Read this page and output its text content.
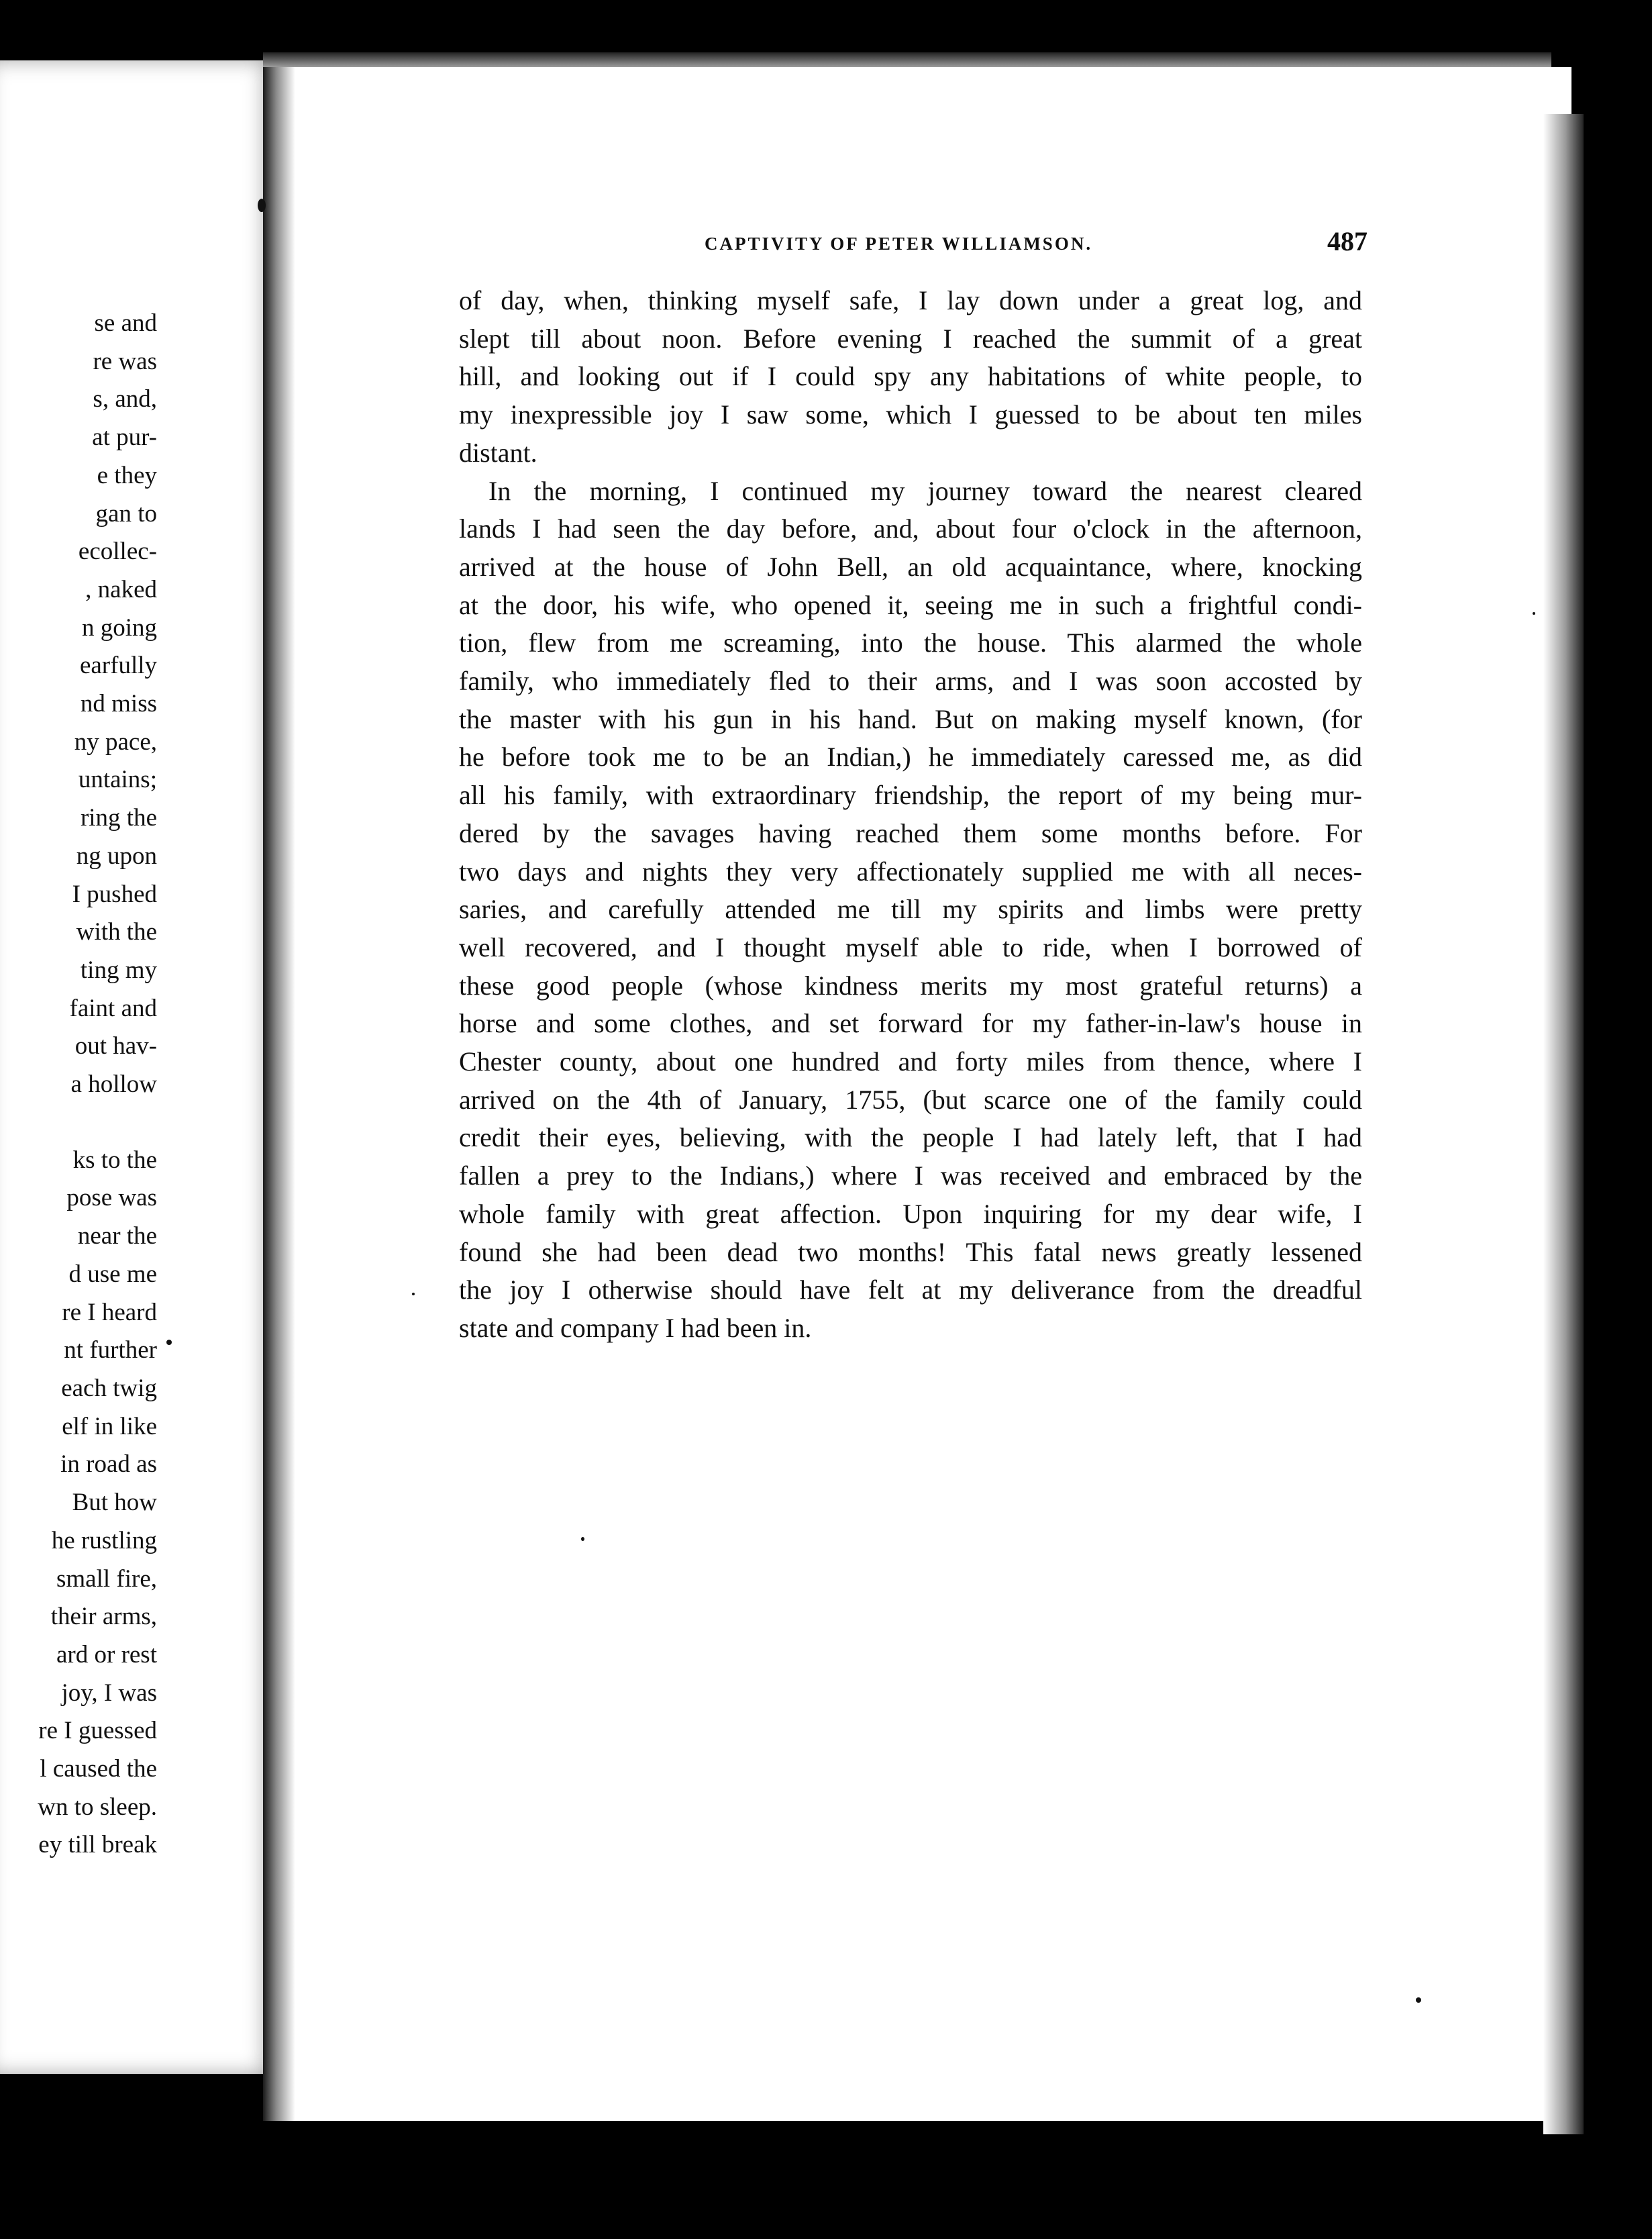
se and
re was
s, and,
at pur-
e they
gan to
ecollec-
, naked
n going
earfully
nd miss
ny pace,
untains;
ring the
ng upon
I pushed
with the
ting my
faint and
out hav-
a hollow
ks to the
pose was
near the
d use me
re I heard
nt further
each twig
elf in like
in road as
But how
he rustling
small fire,
their arms,
ard or rest
joy, I was
re I guessed
l caused the
wn to sleep.
ey till break
CAPTIVITY OF PETER WILLIAMSON.	487
of day, when, thinking myself safe, I lay down under a great log, and
slept till about noon. Before evening I reached the summit of a great
hill, and looking out if I could spy any habitations of white people, to
my inexpressible joy I saw some, which I guessed to be about ten miles
distant.
In the morning, I continued my journey toward the nearest cleared
lands I had seen the day before, and, about four o'clock in the afternoon,
arrived at the house of John Bell, an old acquaintance, where, knocking
at the door, his wife, who opened it, seeing me in such a frightful condi-
tion, flew from me screaming, into the house. This alarmed the whole
family, who immediately fled to their arms, and I was soon accosted by
the master with his gun in his hand. But on making myself known, (for
he before took me to be an Indian,) he immediately caressed me, as did
all his family, with extraordinary friendship, the report of my being mur-
dered by the savages having reached them some months before. For
two days and nights they very affectionately supplied me with all neces-
saries, and carefully attended me till my spirits and limbs were pretty
well recovered, and I thought myself able to ride, when I borrowed of
these good people (whose kindness merits my most grateful returns) a
horse and some clothes, and set forward for my father-in-law's house in
Chester county, about one hundred and forty miles from thence, where I
arrived on the 4th of January, 1755, (but scarce one of the family could
credit their eyes, believing, with the people I had lately left, that I had
fallen a prey to the Indians,) where I was received and embraced by the
whole family with great affection. Upon inquiring for my dear wife, I
found she had been dead two months! This fatal news greatly lessened
the joy I otherwise should have felt at my deliverance from the dreadful
state and company I had been in.
